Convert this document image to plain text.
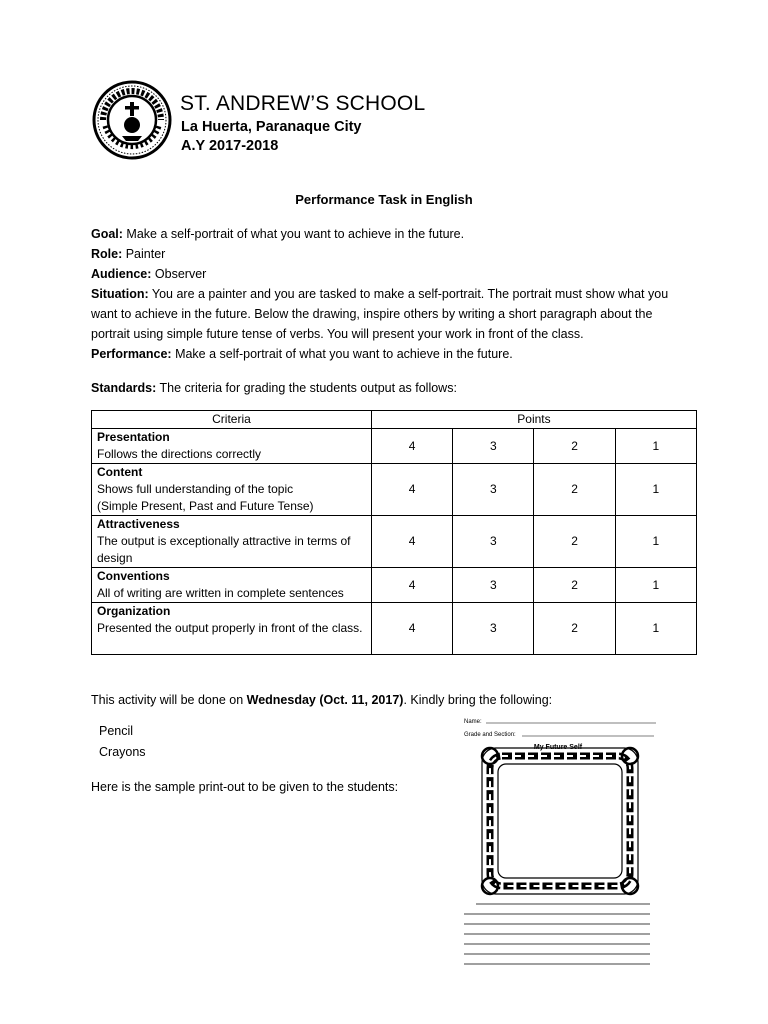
ST. ANDREW’S SCHOOL
La Huerta, Paranaque City
A.Y 2017-2018
Performance Task in English
Goal: Make a self-portrait of what you want to achieve in the future.
Role: Painter
Audience: Observer
Situation: You are a painter and you are tasked to make a self-portrait. The portrait must show what you want to achieve in the future. Below the drawing, inspire others by writing a short paragraph about the portrait using simple future tense of verbs. You will present your work in front of the class.
Performance: Make a self-portrait of what you want to achieve in the future.
Standards: The criteria for grading the students output as follows:
Criteria	Points			

Presentation
Follows the directions correctly	4	3	2	1

Content
Shows full understanding of the topic
(Simple Present, Past and Future Tense)	4	3	2	1

Attractiveness
The output is exceptionally attractive in terms of design	4	3	2	1

Conventions
All of writing are written in complete sentences	4	3	2	1

Organization
Presented the output properly in front of the class.	4	3	2	1
This activity will be done on Wednesday (Oct. 11, 2017). Kindly bring the following:
Pencil
Crayons
Here is the sample print-out to be given to the students:
Name:
Grade and Section:
My Future Self
